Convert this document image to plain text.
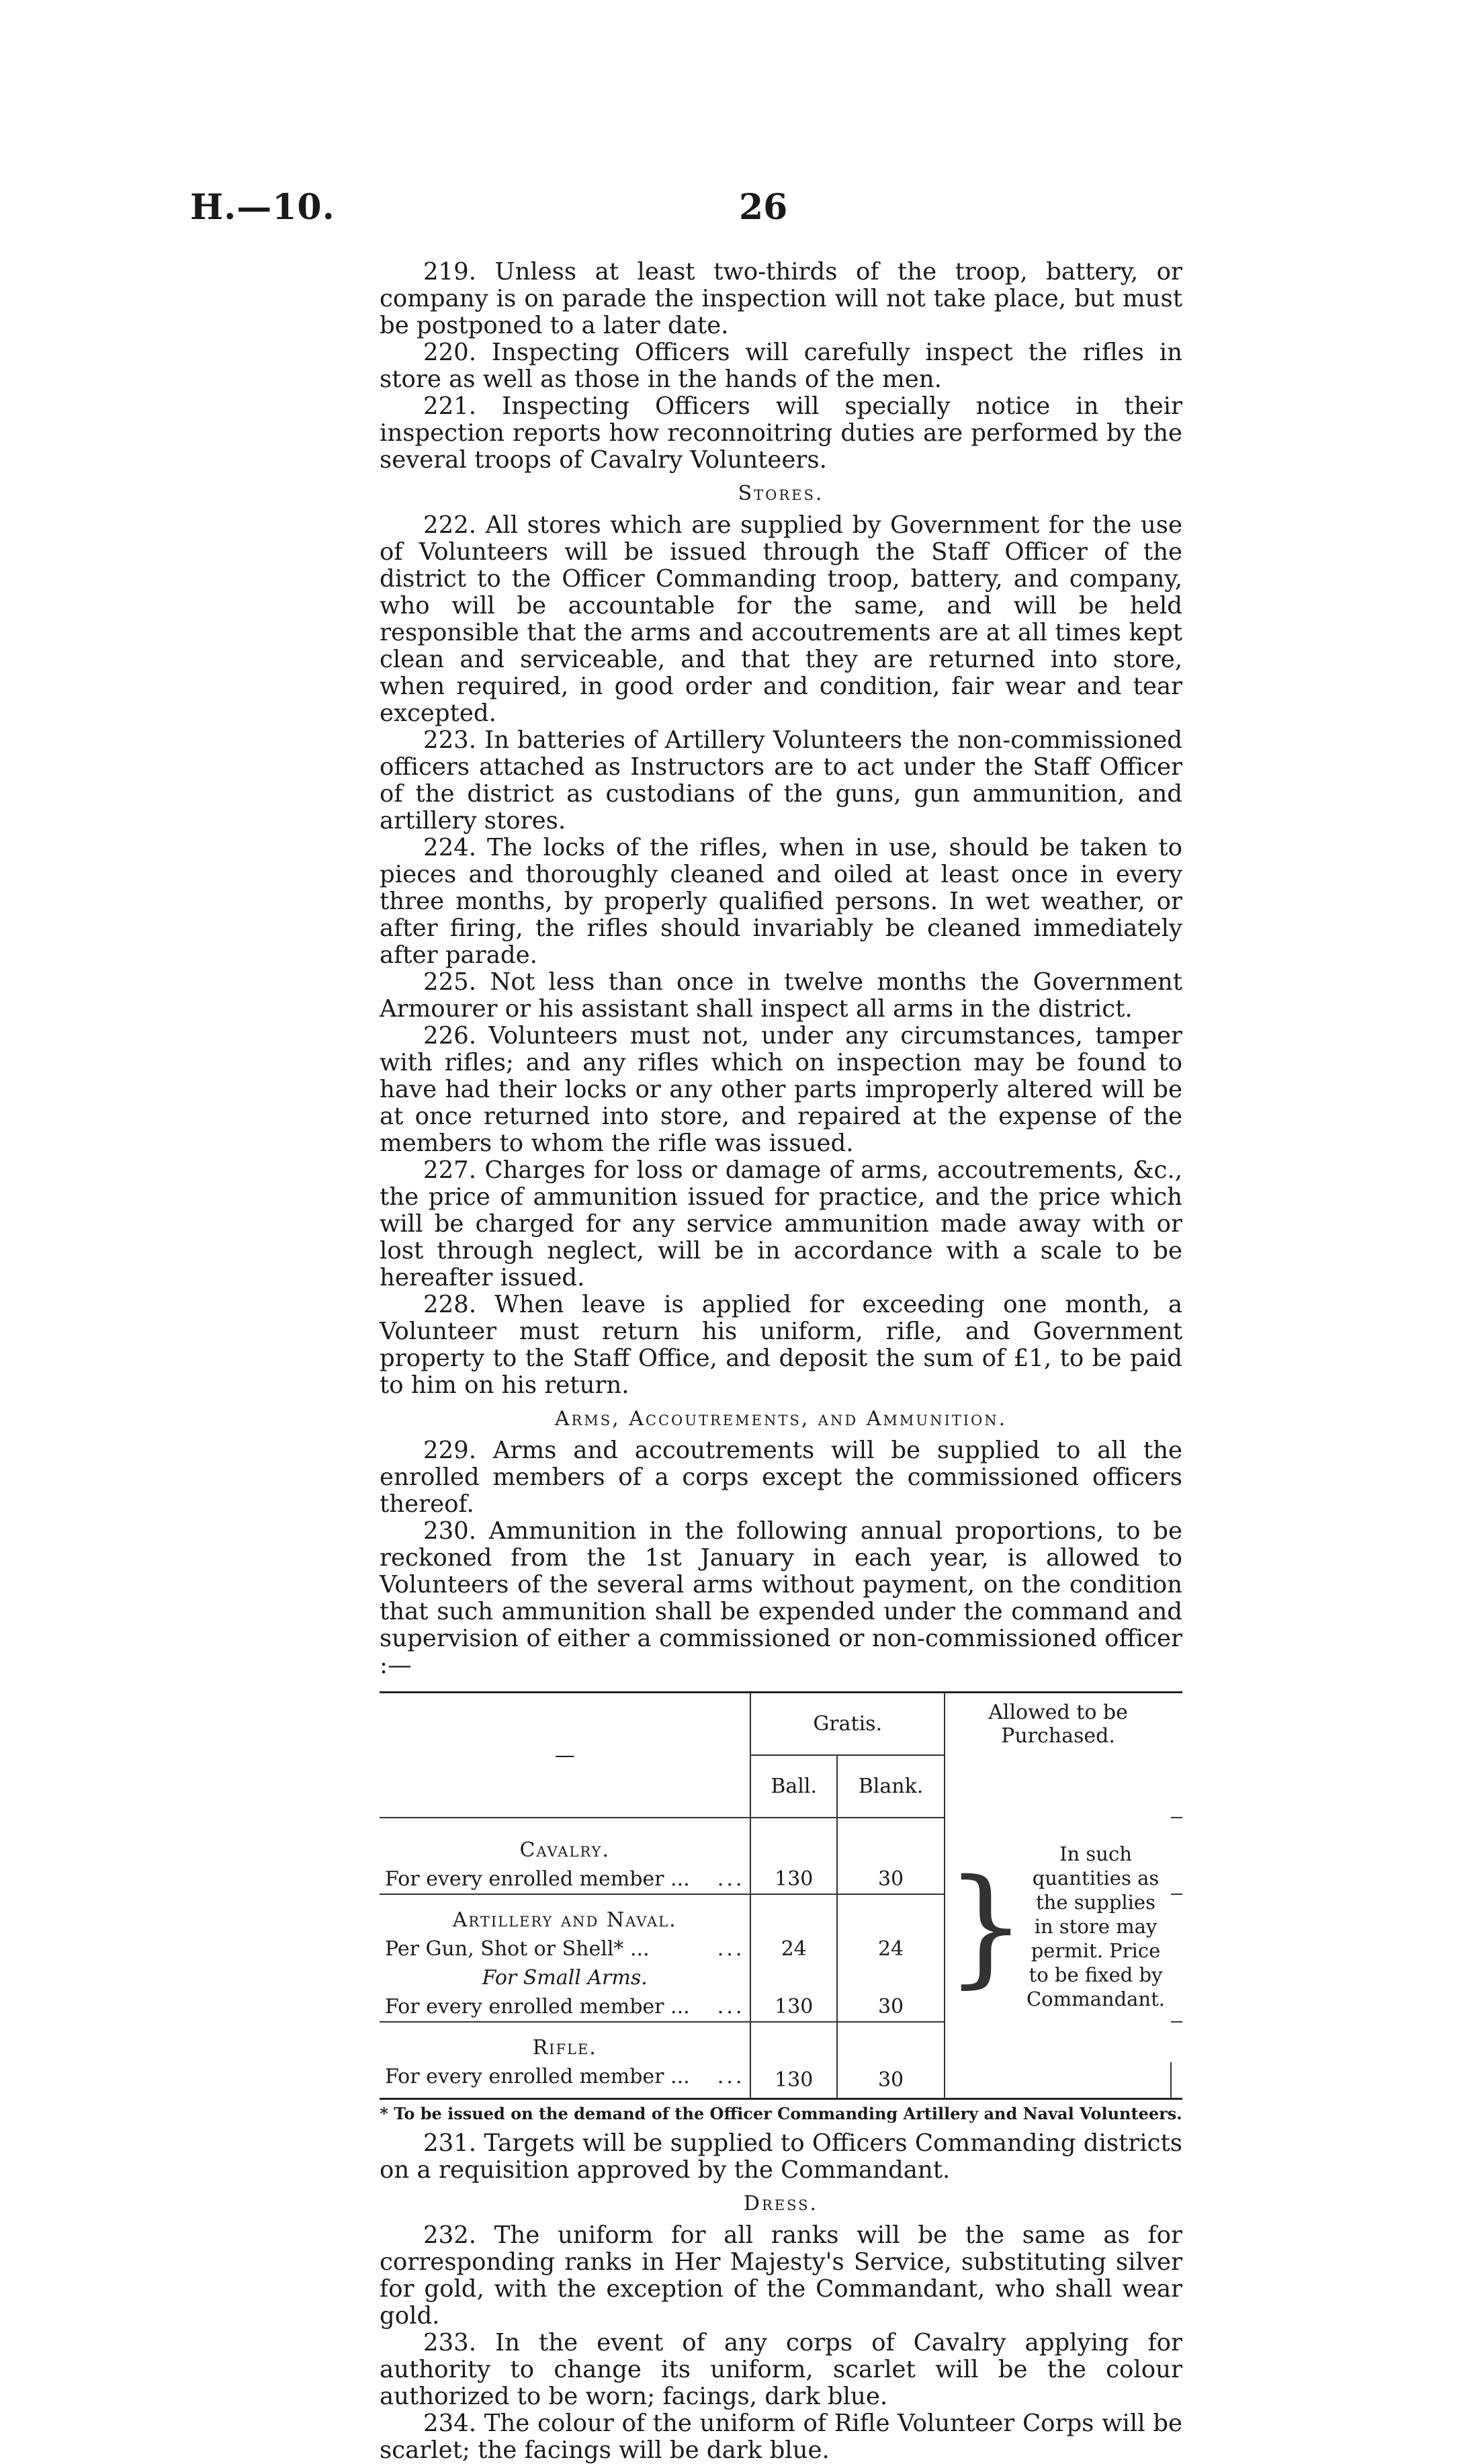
H.—10.	26

219. Unless at least two-thirds of the troop, battery, or company is on parade the inspection will not take place, but must be postponed to a later date.

220. Inspecting Officers will carefully inspect the rifles in store as well as those in the hands of the men.

221. Inspecting Officers will specially notice in their inspection reports how reconnoitring duties are performed by the several troops of Cavalry Volunteers.

Stores.

222. All stores which are supplied by Government for the use of Volunteers will be issued through the Staff Officer of the district to the Officer Commanding troop, battery, and company, who will be accountable for the same, and will be held responsible that the arms and accoutrements are at all times kept clean and serviceable, and that they are returned into store, when required, in good order and condition, fair wear and tear excepted.

223. In batteries of Artillery Volunteers the non-commissioned officers attached as Instructors are to act under the Staff Officer of the district as custodians of the guns, gun ammunition, and artillery stores.

224. The locks of the rifles, when in use, should be taken to pieces and thoroughly cleaned and oiled at least once in every three months, by properly qualified persons. In wet weather, or after firing, the rifles should invariably be cleaned immediately after parade.

225. Not less than once in twelve months the Government Armourer or his assistant shall inspect all arms in the district.

226. Volunteers must not, under any circumstances, tamper with rifles; and any rifles which on inspection may be found to have had their locks or any other parts improperly altered will be at once returned into store, and repaired at the expense of the members to whom the rifle was issued.

227. Charges for loss or damage of arms, accoutrements, &c., the price of ammunition issued for practice, and the price which will be charged for any service ammunition made away with or lost through neglect, will be in accordance with a scale to be hereafter issued.

228. When leave is applied for exceeding one month, a Volunteer must return his uniform, rifle, and Government property to the Staff Office, and deposit the sum of £1, to be paid to him on his return.

Arms, Accoutrements, and Ammunition.

229. Arms and accoutrements will be supplied to all the enrolled members of a corps except the commissioned officers thereof.

230. Ammunition in the following annual proportions, to be reckoned from the 1st January in each year, is allowed to Volunteers of the several arms without payment, on the condition that such ammunition shall be expended under the command and supervision of either a commissioned or non-commissioned officer :—

—	Gratis.		Allowed to be Purchased.	
	Ball.	Blank.	} In such quantities as the supplies in store may permit. Price to be fixed by Commandant.	

Cavalry.				
For every enrolled member ... ...	130	30		
Artillery and Naval.				
Per Gun, Shot or Shell* ... ...	24	24		
For Small Arms.				
For every enrolled member ... ...	130	30		
Rifle.				
For every enrolled member ... ...	130	30		
* To be issued on the demand of the Officer Commanding Artillery and Naval Volunteers.

231. Targets will be supplied to Officers Commanding districts on a requisition approved by the Commandant.

Dress.

232. The uniform for all ranks will be the same as for corresponding ranks in Her Majesty's Service, substituting silver for gold, with the exception of the Commandant, who shall wear gold.

233. In the event of any corps of Cavalry applying for authority to change its uniform, scarlet will be the colour authorized to be worn; facings, dark blue.

234. The colour of the uniform of Rifle Volunteer Corps will be scarlet; the facings will be dark blue.
